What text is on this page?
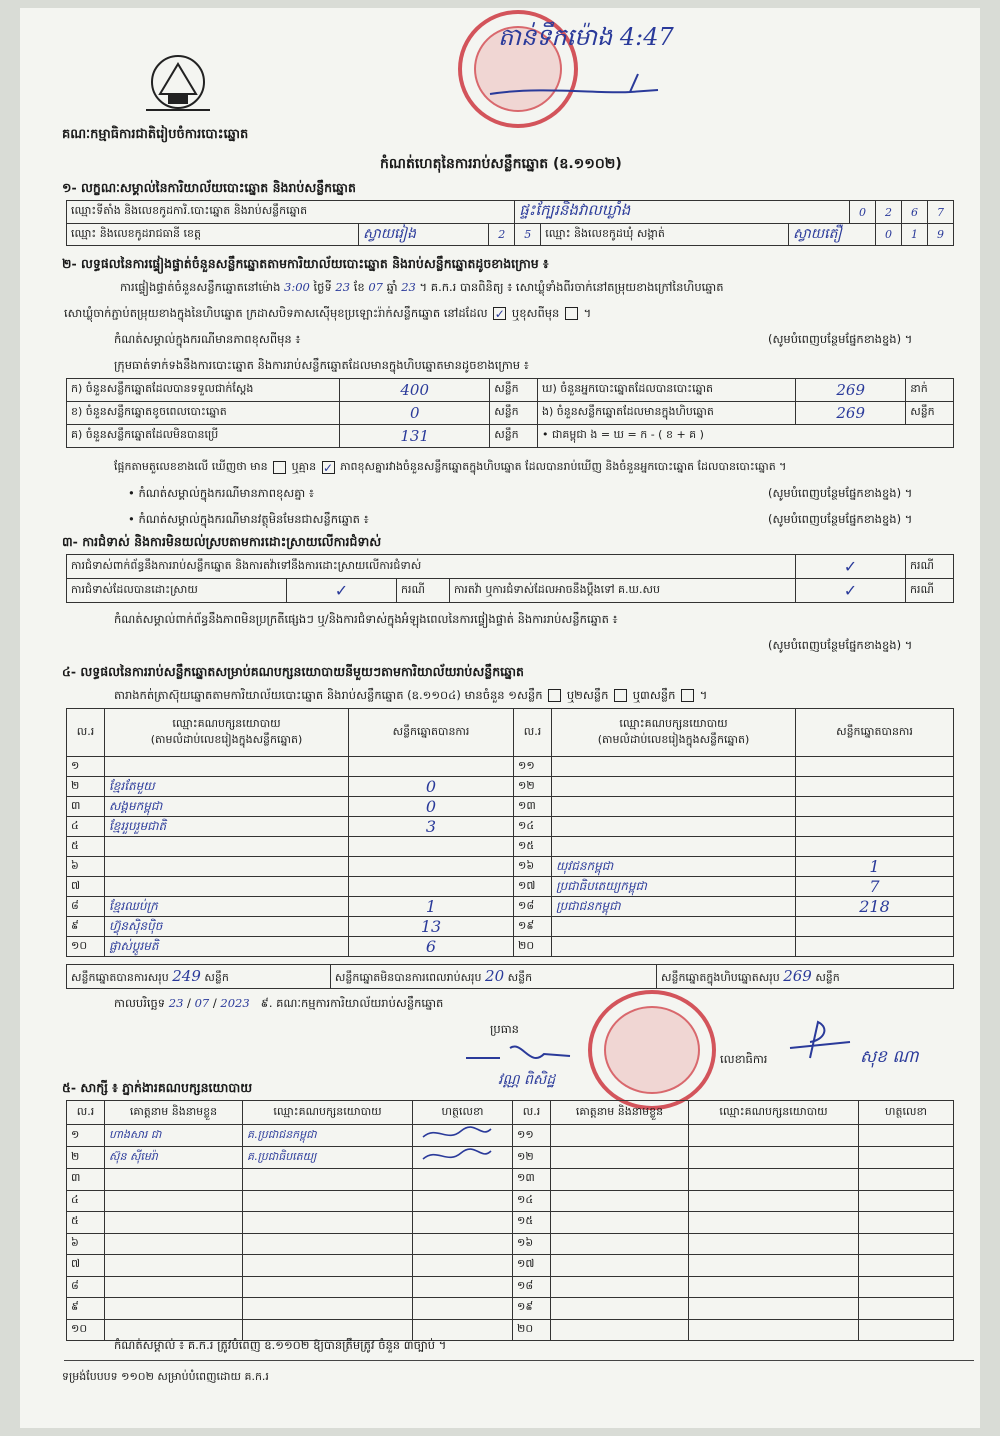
តាន់ទឹកម៉ោង 4:47
គណៈកម្មាធិការជាតិរៀបចំការបោះឆ្នោត
កំណត់ហេតុនៃការរាប់សន្លឹកឆ្នោត (ឧ.១១០២)
១- លក្ខណៈសម្គាល់នៃការិយាល័យបោះឆ្នោត និងរាប់សន្លឹកឆ្នោត
ឈ្មោះទីតាំង និងលេខកូដការិ.បោះឆ្នោត និងរាប់សន្លឹកឆ្នោត			ផ្ទះក្បែរនិងវាលឃ្លាំង			0	2	6	7
ឈ្មោះ និងលេខកូដរាជធានី ខេត្ត	ស្វាយរៀង	2	5	ឈ្មោះ និងលេខកូដឃុំ សង្កាត់	ស្វាយតឿ		0	1	9
២- លទ្ធផលនៃការផ្ទៀងផ្ទាត់ចំនួនសន្លឹកឆ្នោតតាមការិយាល័យបោះឆ្នោត និងរាប់សន្លឹកឆ្នោតដូចខាងក្រោម ៖
ការផ្ទៀងផ្ទាត់ចំនួនសន្លឹកឆ្នោតនៅម៉ោង 3:00 ថ្ងៃទី 23 ខែ 07 ឆ្នាំ 23 ។ គ.ក.រ បានពិនិត្យ ៖ សោឃ្លុំទាំងពីរចាក់នៅតម្រុយខាងក្រៅនៃហិបឆ្នោត
សោឃ្លុំចាក់ភ្ជាប់តម្រុយខាងក្នុងនៃហិបឆ្នោត ក្រដាសបិទភាសស៊ើមុខប្រឡោះរ៉ាក់សន្លឹកឆ្នោត នៅដដែល ✓ ឬខុសពីមុន  ។
កំណត់សម្គាល់ក្នុងករណីមានភាពខុសពីមុន ៖	(សូមបំពេញបន្ថែមផ្នែកខាងខ្នង) ។
ក្រុមធាត់ទាក់ទងនឹងការបោះឆ្នោត និងការរាប់សន្លឹកឆ្នោតដែលមានក្នុងហិបឆ្នោតមានដូចខាងក្រោម ៖
ក) ចំនួនសន្លឹកឆ្នោតដែលបានទទួលជាក់ស្តែង	400	សន្លឹក	ឃ) ចំនួនអ្នកបោះឆ្នោតដែលបានបោះឆ្នោត	269	នាក់
ខ) ចំនួនសន្លឹកឆ្នោតខូចពេលបោះឆ្នោត	0	សន្លឹក	ង) ចំនួនសន្លឹកឆ្នោតដែលមានក្នុងហិបឆ្នោត	269	សន្លឹក
គ) ចំនួនសន្លឹកឆ្នោតដែលមិនបានប្រើ	131	សន្លឹក	• ជាគម្ពុជា ង = ឃ = ក - ( ខ + គ )		
ផ្អែកតាមតួលេខខាងលើ ឃើញថា មាន ឬគ្មាន ✓ ភាពខុសគ្នារវាងចំនួនសន្លឹកឆ្នោតក្នុងហិបឆ្នោត ដែលបានរាប់ឃើញ និងចំនួនអ្នកបោះឆ្នោត ដែលបានបោះឆ្នោត ។
• កំណត់សម្គាល់ក្នុងករណីមានភាពខុសគ្នា ៖	(សូមបំពេញបន្ថែមផ្នែកខាងខ្នង) ។
• កំណត់សម្គាល់ក្នុងករណីមានវត្ថុមិនមែនជាសន្លឹកឆ្នោត ៖	(សូមបំពេញបន្ថែមផ្នែកខាងខ្នង) ។
៣- ការជំទាស់ និងការមិនយល់ស្របតាមការដោះស្រាយលើការជំទាស់
ការជំទាស់ពាក់ព័ន្ធនឹងការរាប់សន្លឹកឆ្នោត និងការតវ៉ាទៅនឹងការដោះស្រាយលើការជំទាស់				✓	ករណី
ការជំទាស់ដែលបានដោះស្រាយ	✓	ករណី	ការតវ៉ា ឬការជំទាស់ដែលអាចនឹងប្តឹងទៅ គ.ឃ.សប	✓	ករណី
កំណត់សម្គាល់ពាក់ព័ន្ធនឹងភាពមិនប្រក្រតីផ្សេងៗ ឬ/និងការជំទាស់ក្នុងអំឡុងពេលនៃការផ្ទៀងផ្ទាត់ និងការរាប់សន្លឹកឆ្នោត ៖
(សូមបំពេញបន្ថែមផ្នែកខាងខ្នង) ។
៤- លទ្ធផលនៃការរាប់សន្លឹកឆ្នោតសម្រាប់គណបក្សនយោបាយនីមួយៗតាមការិយាល័យរាប់សន្លឹកឆ្នោត
តារាងកត់ត្រាស៊ុយឆ្នោតតាមការិយាល័យបោះឆ្នោត និងរាប់សន្លឹកឆ្នោត (ឧ.១១០៤) មានចំនួន ១សន្លឹក ឬ២សន្លឹក ឬ៣សន្លឹក  ។
ល.រ	ឈ្មោះគណបក្សនយោបាយ
(តាមលំដាប់លេខរៀងក្នុងសន្លឹកឆ្នោត)	សន្លឹកឆ្នោតបានការ	ល.រ	ឈ្មោះគណបក្សនយោបាយ
(តាមលំដាប់លេខរៀងក្នុងសន្លឹកឆ្នោត)	សន្លឹកឆ្នោតបានការ
១			១១		
២	ខ្មែរតែមួយ	0	១២		
៣	សង្គមកម្ពុជា	0	១៣		
៤	ខ្មែររួបរួមជាតិ	3	១៤		
៥			១៥		
៦			១៦	យុវជនកម្ពុជា	1
៧			១៧	ប្រជាធិបតេយ្យកម្ពុជា	7
៨	ខ្មែរឈប់ក្រ	1	១៨	ប្រជាជនកម្ពុជា	218
៩	ហ៊្វុនស៊ិនប៉ិច	13	១៩		
១០	ផ្លាស់ប្តូរមតិ	6	២០		
សន្លឹកឆ្នោតបានការសរុប 249 សន្លឹក	សន្លឹកឆ្នោតមិនបានការពេលរាប់សរុប 20 សន្លឹក	សន្លឹកឆ្នោតក្នុងហិបឆ្នោតសរុប 269 សន្លឹក
កាលបរិច្ឆេទ 23 / 07 / 2023 ៩. គណៈកម្មការការិយាល័យរាប់សន្លឹកឆ្នោត
ប្រធាន
វណ្ណ ពិសិដ្ឋ
លេខាធិការ	សុខ ណា
៥- សាក្សី ៖ ភ្នាក់ងារគណបក្សនយោបាយ
ល.រ	គោត្តនាម និងនាមខ្លួន	ឈ្មោះគណបក្សនយោបាយ	ហត្ថលេខា	ល.រ	គោត្តនាម និងនាមខ្លួន	ឈ្មោះគណបក្សនយោបាយ	ហត្ថលេខា
១	ហាងសារ ជា	គ.ប្រជាជនកម្ពុជា		១១			
២	ស៊ុន ស៊ីមេរ៉ា	គ.ប្រជាធិបតេយ្យ		១២			
៣				១៣			
៤				១៤			
៥				១៥			
៦				១៦			
៧				១៧			
៨				១៨			
៩				១៩			
១០				២០			
កំណត់សម្គាល់ ៖ គ.ក.រ ត្រូវបំពេញ ឧ.១១០២ ឱ្យបានត្រឹមត្រូវ ចំនួន ៣ច្បាប់ ។
ទម្រង់បែបបទ ១១០២ សម្រាប់បំពេញដោយ គ.ក.រ
